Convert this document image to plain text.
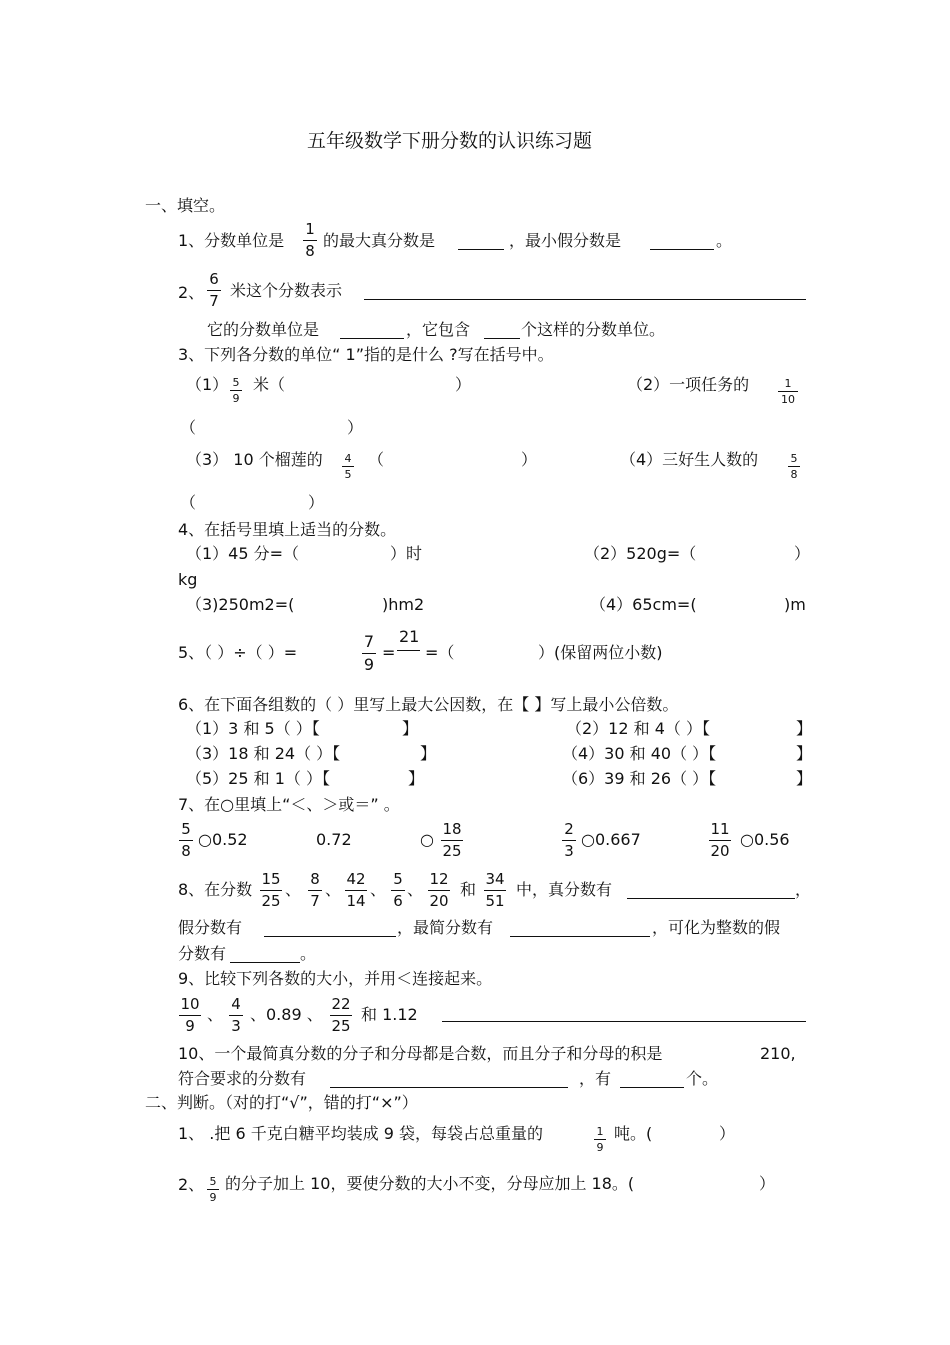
五年级数学下册分数的认识练习题
一、填空。
1、分数单位是
1
8
的最大真分数是	，最小假分数是	。
2、
6
7
米这个分数表示
它的分数单位是	，它包含	个这样的分数单位。
3、下列各分数的单位“ 1”指的是什么 ?写在括号中。
（1） 5
9
米（	）	（2）一项任务的	1
10
（	）
（3） 10 个榴莲的 4
5
（	）	（4）三好生人数的	5
8
（	）
4、在括号里填上适当的分数。
（1）45 分=（	）时	（2）520g=（	）
kg
（3)250m2=(	)hm2	（4）65cm=(	)m
5、（ ）÷（ ）=
7
9
=
21
=（	）(保留两位小数)
6、在下面各组数的（ ）里写上最大公因数，在【 】写上最小公倍数。
（1）3 和 5（ ）【	】	（2）12 和 4（ ）【	】
（3）18 和 24（ ）【	】	（4）30 和 40（ ）【	】
（5）25 和 1（ ）【	】	（6）39 和 26（ ）【	】
7、在○里填上“＜、＞或＝” 。
5
8
○0.52	0.72	○
18
25
2
3
○0.667
11
20
○0.56
8、在分数
15
25
、
8
7
、
42
14
、
5
6
、
12
20
和
34
51
中，真分数有	，
假分数有	，最简分数有	，可化为整数的假
分数有	。
9、比较下列各数的大小，并用＜连接起来。
10
9
、
4
3
、0.89 、
22
25
和 1.12
10、一个最简真分数的分子和分母都是合数，而且分子和分母的积是	210,
符合要求的分数有	，有	个。
二、判断。（对的打“√”，错的打“×”）
1、 .把 6 千克白糖平均装成 9 袋，每袋占总重量的	1
9
吨。(	）
2、 5
9
的分子加上 10，要使分数的大小不变，分母应加上 18。(	）
